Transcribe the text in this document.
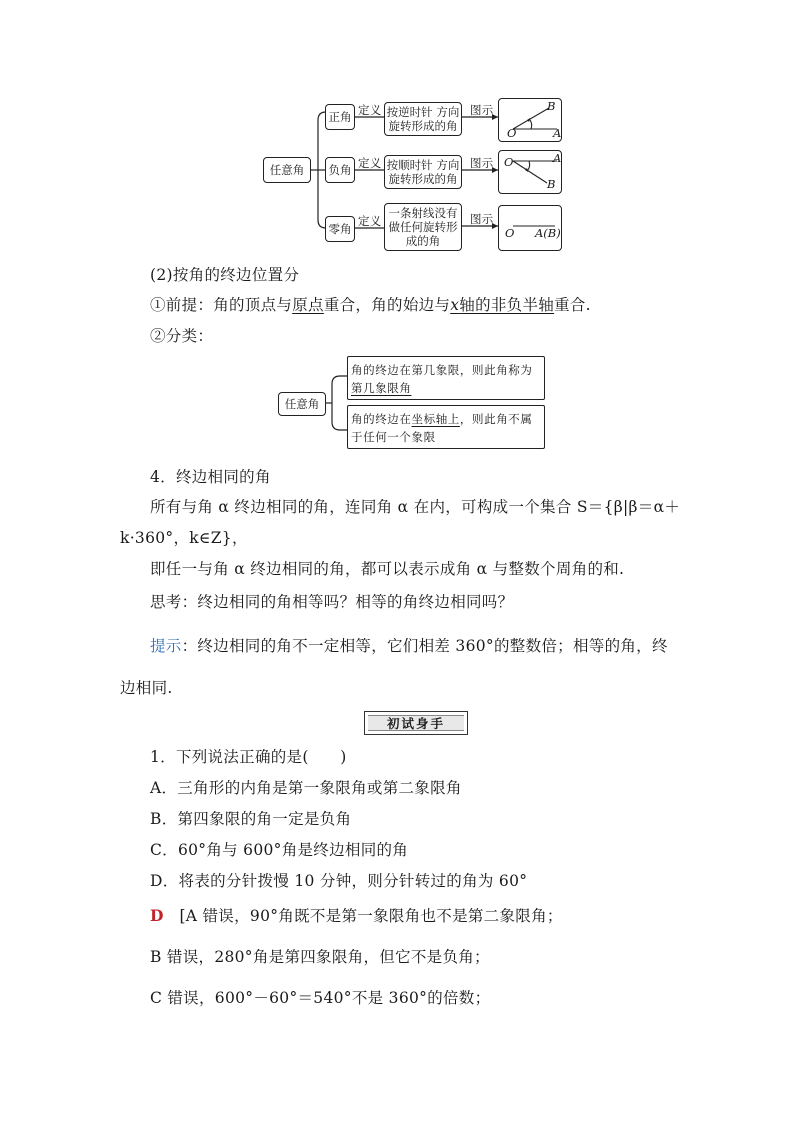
任意角
正角
负角
零角
定义
定义
定义
按逆时针 方向旋转形成的角
按顺时针 方向旋转形成的角
一条射线没有做任何旋转形成的角
图示
图示
图示
O	A
B
O	A
B
O A(B)
(2)按角的终边位置分
①前提：角的顶点与原点重合，角的始边与x轴的非负半轴重合.
②分类：
任意角
角的终边在第几象限，则此角称为
第几象限角
角的终边在坐标轴上，则此角不属
于任何一个象限
4．终边相同的角
所有与角 α 终边相同的角，连同角 α 在内，可构成一个集合 S＝{β|β＝α＋
k·360°，k∈Z}，
即任一与角 α 终边相同的角，都可以表示成角 α 与整数个周角的和.
思考：终边相同的角相等吗？相等的角终边相同吗？
提示：终边相同的角不一定相等，它们相差 360°的整数倍；相等的角，终
边相同.
初试身手
1．下列说法正确的是(　　)
A．三角形的内角是第一象限角或第二象限角
B．第四象限的角一定是负角
C．60°角与 600°角是终边相同的角
D．将表的分针拨慢 10 分钟，则分针转过的角为 60°
D [A 错误，90°角既不是第一象限角也不是第二象限角；
B 错误，280°角是第四象限角，但它不是负角；
C 错误，600°－60°＝540°不是 360°的倍数；
